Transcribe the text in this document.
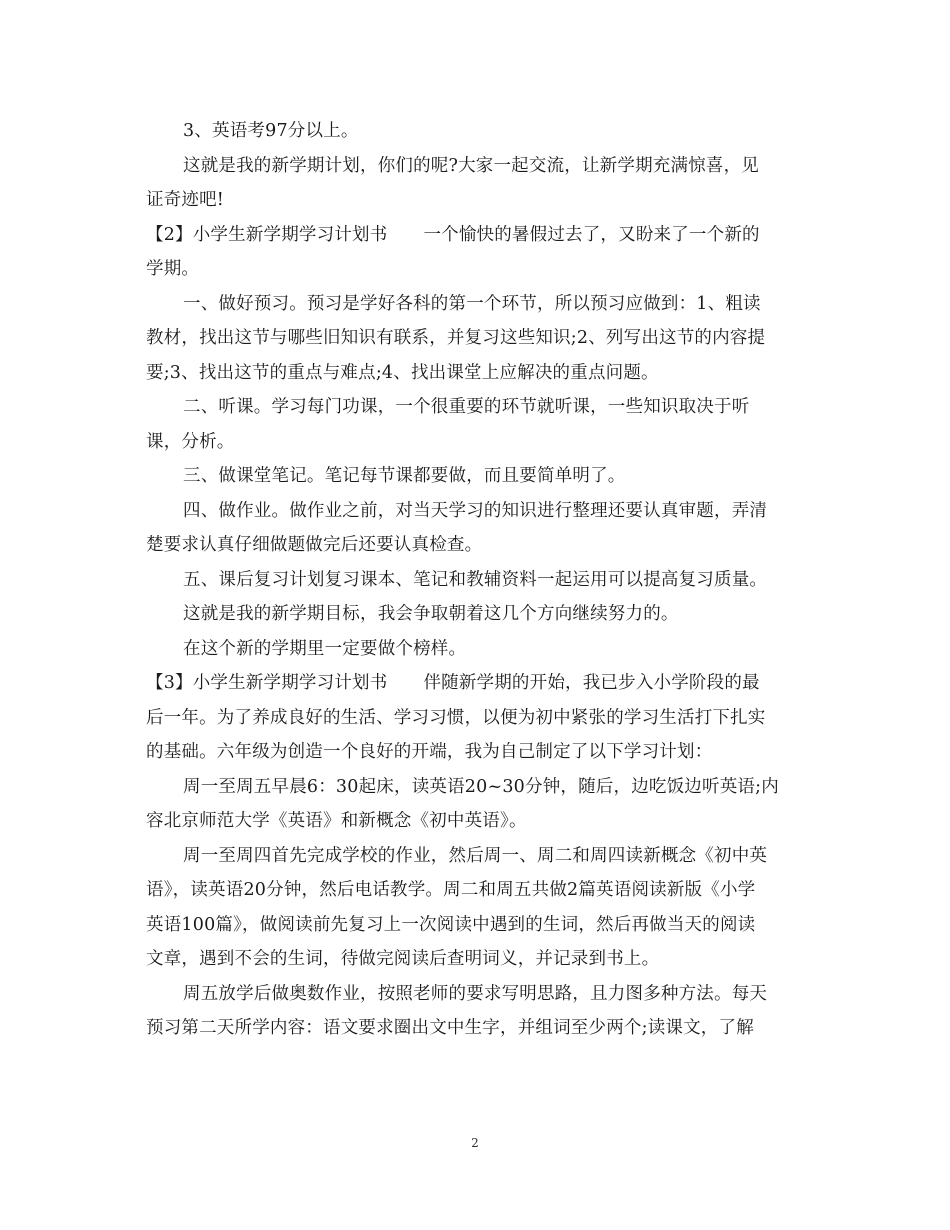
3、英语考97分以上。
这就是我的新学期计划，你们的呢?大家一起交流，让新学期充满惊喜，见
证奇迹吧!
【2】小学生新学期学习计划书 一个愉快的暑假过去了，又盼来了一个新的
学期。
一、做好预习。预习是学好各科的第一个环节，所以预习应做到：1、粗读
教材，找出这节与哪些旧知识有联系，并复习这些知识;2、列写出这节的内容提
要;3、找出这节的重点与难点;4、找出课堂上应解决的重点问题。
二、听课。学习每门功课，一个很重要的环节就听课，一些知识取决于听
课，分析。
三、做课堂笔记。笔记每节课都要做，而且要简单明了。
四、做作业。做作业之前，对当天学习的知识进行整理还要认真审题，弄清
楚要求认真仔细做题做完后还要认真检查。
五、课后复习计划复习课本、笔记和教辅资料一起运用可以提高复习质量。
这就是我的新学期目标，我会争取朝着这几个方向继续努力的。
在这个新的学期里一定要做个榜样。
【3】小学生新学期学习计划书 伴随新学期的开始，我已步入小学阶段的最
后一年。为了养成良好的生活、学习习惯，以便为初中紧张的学习生活打下扎实
的基础。六年级为创造一个良好的开端，我为自己制定了以下学习计划：
周一至周五早晨6：30起床，读英语20~30分钟，随后，边吃饭边听英语;内
容北京师范大学《英语》和新概念《初中英语》。
周一至周四首先完成学校的作业，然后周一、周二和周四读新概念《初中英
语》，读英语20分钟，然后电话教学。周二和周五共做2篇英语阅读新版《小学
英语100篇》，做阅读前先复习上一次阅读中遇到的生词，然后再做当天的阅读
文章，遇到不会的生词，待做完阅读后查明词义，并记录到书上。
周五放学后做奥数作业，按照老师的要求写明思路，且力图多种方法。每天
预习第二天所学内容：语文要求圈出文中生字，并组词至少两个;读课文，了解
2
